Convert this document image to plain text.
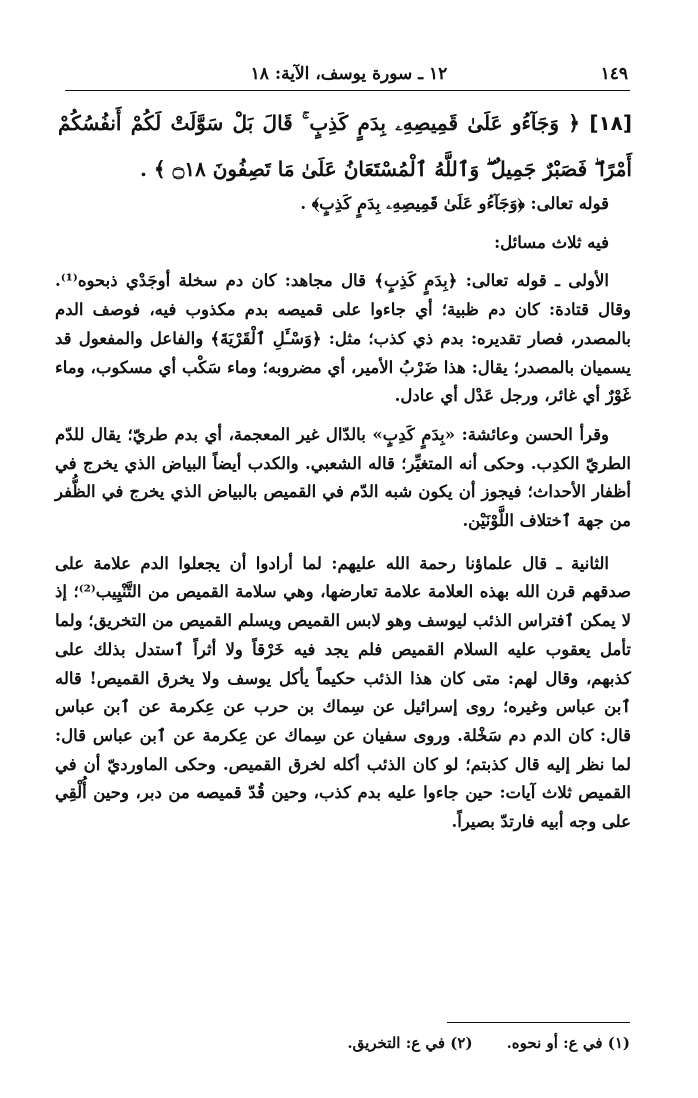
١٢ ـ سورة يوسف، الآية: ١٨	١٤٩
[١٨] ﴿ وَجَآءُو عَلَىٰ قَمِيصِهِۦ بِدَمٍ كَذِبٍ ۚ قَالَ بَلْ سَوَّلَتْ لَكُمْ أَنفُسُكُمْ أَمْرًا ۖ فَصَبْرٌ جَمِيلٌ ۖ وَٱللَّهُ ٱلْمُسْتَعَانُ عَلَىٰ مَا تَصِفُونَ ۝١٨ ﴾ .

قوله تعالى: ﴿وَجَآءُو عَلَىٰ قَمِيصِهِۦ بِدَمٍ كَذِبٍ﴾ .

فيه ثلاث مسائل:

الأولى ـ قوله تعالى: ﴿بِدَمٍ كَذِبٍ﴾ قال مجاهد: كان دم سخلة أوجَدْي ذبحوه⁽¹⁾. وقال قتادة: كان دم ظبية؛ أي جاءوا على قميصه بدم مكذوب فيه، فوصف الدم بالمصدر، فصار تقديره: بدم ذي كذب؛ مثل: ﴿وَسْـَٔلِ ٱلْقَرْيَةَ﴾ والفاعل والمفعول قد يسميان بالمصدر؛ يقال: هذا ضَرْبُ الأمير، أي مضروبه؛ وماء سَكْب أي مسكوب، وماء غَوْرٌ أي غائر، ورجل عَدْل أي عادل.

وقرأ الحسن وعائشة: «بِدَمٍ كَدِبٍ» بالدّال غير المعجمة، أي بدم طريّ؛ يقال للدّم الطريّ الكدِب. وحكى أنه المتغيِّر؛ قاله الشعبي. والكدب أيضاً البياض الذي يخرج في أظفار الأحداث؛ فيجوز أن يكون شبه الدّم في القميص بالبياض الذي يخرج في الظُّفر من جهة ٱختلاف اللَّوْنَيْن.

الثانية ـ قال علماؤنا رحمة الله عليهم: لما أرادوا أن يجعلوا الدم علامة على صدقهم قرن الله بهذه العلامة علامة تعارضها، وهي سلامة القميص من التَّنْيِيب⁽²⁾؛ إذ لا يمكن ٱفتراس الذئب ليوسف وهو لابس القميص ويسلم القميص من التخريق؛ ولما تأمل يعقوب عليه السلام القميص فلم يجد فيه خَرْقاً ولا أثراً ٱستدل بذلك على كذبهم، وقال لهم: متى كان هذا الذئب حكيماً يأكل يوسف ولا يخرق القميص! قاله ٱبن عباس وغيره؛ روى إسرائيل عن سِماك بن حرب عن عِكرمة عن ٱبن عباس قال: كان الدم دم سَخْلة. وروى سفيان عن سِماك عن عِكرمة عن ٱبن عباس قال: لما نظر إليه قال كذبتم؛ لو كان الذئب أكله لخرق القميص. وحكى الماورديّ أن في القميص ثلاث آيات: حين جاءوا عليه بدم كذب، وحين قُدّ قميصه من دبر، وحين أُلْقِي على وجه أبيه فارتدّ بصيراً.

(١) في ع: أو نحوه.
(٢) في ع: التخريق.
